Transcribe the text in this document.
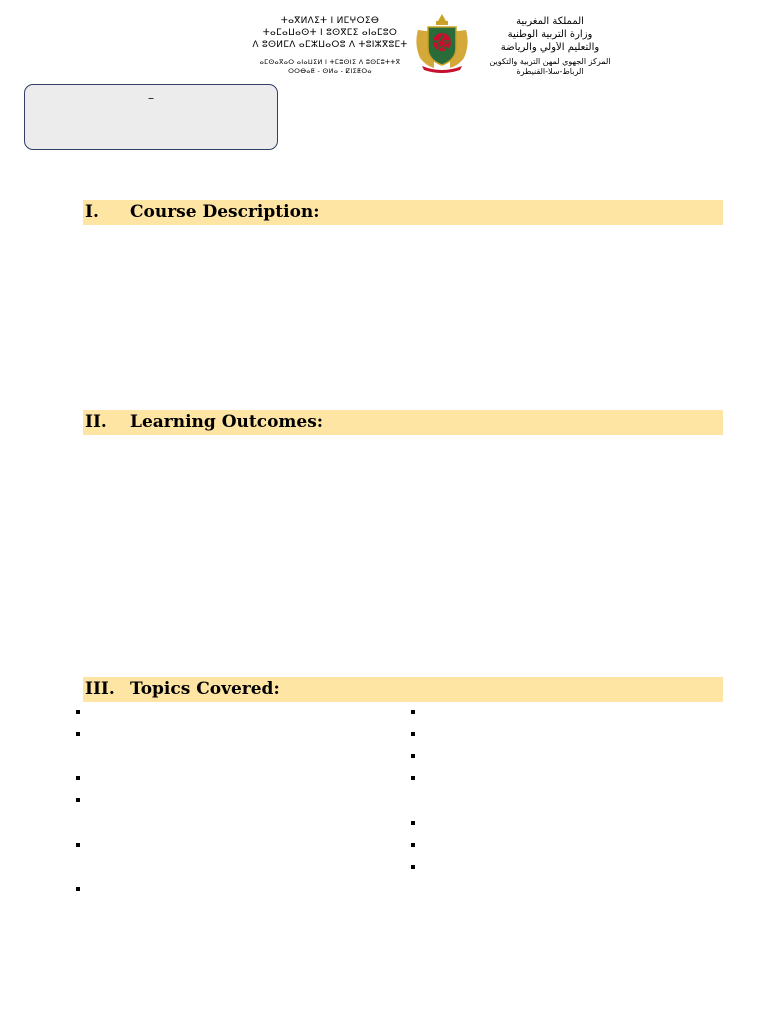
ⵜⴰⴳⵍⴷⵉⵜ ⵏ ⵍⵎⵖⵔⵉⴱ
ⵜⴰⵎⴰⵡⴰⵙⵜ ⵏ ⵓⵙⴳⵎⵉ ⴰⵏⴰⵎⵓⵔ
ⴷ ⵓⵙⵍⵎⴷ ⴰⵎⵣⵡⴰⵔⵓ ⴷ ⵜⵓⵏⵣⴳⵓⵎⵜ
ⴰⵎⵙⴰⴳⴰⵔ ⴰⵏⴰⵡⵉⵍ ⵏ ⵜⵎⵓⵙⵏⵉ ⴷ ⵓⵙⵎⵓⵜⵜⴳ
ⵔⵔⴱⴰⵟ - ⵙⵍⴰ - ⵇⵏⵉⵟⵔⴰ
المملكة المغربية
وزارة التربية الوطنية
والتعليم الأولي والرياضة
المركز الجهوي لمهن التربية والتكوين
الرباط-سلا-القنيطرة
–
I. Course Description:
II. Learning Outcomes:
III. Topics Covered:
